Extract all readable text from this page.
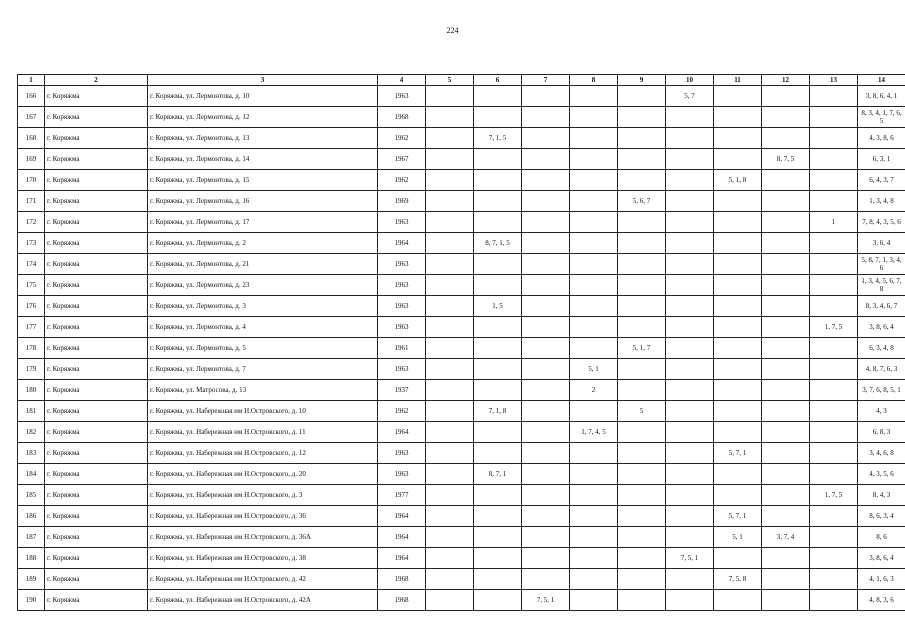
224
1	2	3	4	5	6	7	8	9	10	11	12	13	14
166	г. Коряжма	г. Коряжма, ул. Лермонтова, д. 10	1963						5, 7				3, 8, 6, 4, 1
167	г. Коряжма	г. Коряжма, ул. Лермонтова, д. 12	1968										8, 3, 4, 1, 7, 6, 5
168	г. Коряжма	г. Коряжма, ул. Лермонтова, д. 13	1962		7, 1, 5								4, 3, 8, 6
169	г. Коряжма	г. Коряжма, ул. Лермонтова, д. 14	1967								8, 7, 5		6, 3, 1
170	г. Коряжма	г. Коряжма, ул. Лермонтова, д. 15	1962							5, 1, 8			6, 4, 3, 7
171	г. Коряжма	г. Коряжма, ул. Лермонтова, д. 16	1969					5, 6, 7					1, 3, 4, 8
172	г. Коряжма	г. Коряжма, ул. Лермонтова, д. 17	1963									1	7, 8, 4, 3, 5, 6
173	г. Коряжма	г. Коряжма, ул. Лермонтова, д. 2	1964		8, 7, 1, 5								3, 6, 4
174	г. Коряжма	г. Коряжма, ул. Лермонтова, д. 21	1963										5, 8, 7, 1, 3, 4, 6
175	г. Коряжма	г. Коряжма, ул. Лермонтова, д. 23	1963										1, 3, 4, 5, 6, 7, 8
176	г. Коряжма	г. Коряжма, ул. Лермонтова, д. 3	1963		1, 5								8, 3, 4, 6, 7
177	г. Коряжма	г. Коряжма, ул. Лермонтова, д. 4	1963									1, 7, 5	3, 8, 6, 4
178	г. Коряжма	г. Коряжма, ул. Лермонтова, д. 5	1961					5, 1, 7					6, 3, 4, 8
179	г. Коряжма	г. Коряжма, ул. Лермонтова, д. 7	1963				5, 1						4, 8, 7, 6, 3
180	г. Коряжма	г. Коряжма, ул. Матросова, д. 13	1937				2						3, 7, 6, 8, 5, 1
181	г. Коряжма	г. Коряжма, ул. Набережная им Н.Островского, д. 10	1962		7, 1, 8			5					4, 3
182	г. Коряжма	г. Коряжма, ул. Набережная им Н.Островского, д. 11	1964				1, 7, 4, 5						6, 8, 3
183	г. Коряжма	г. Коряжма, ул. Набережная им Н.Островского, д. 12	1963							5, 7, 1			3, 4, 6, 8
184	г. Коряжма	г. Коряжма, ул. Набережная им Н.Островского, д. 20	1963		8, 7, 1								4, 3, 5, 6
185	г. Коряжма	г. Коряжма, ул. Набережная им Н.Островского, д. 3	1977									1, 7, 5	8, 4, 3
186	г. Коряжма	г. Коряжма, ул. Набережная им Н.Островского, д. 36	1964							5, 7, 1			8, 6, 3, 4
187	г. Коряжма	г. Коряжма, ул. Набережная им Н.Островского, д. 36А	1964							5, 1	3, 7, 4		8, 6
188	г. Коряжма	г. Коряжма, ул. Набережная им Н.Островского, д. 38	1964						7, 5, 1				3, 8, 6, 4
189	г. Коряжма	г. Коряжма, ул. Набережная им Н.Островского, д. 42	1968							7, 5, 8			4, 1, 6, 3
190	г. Коряжма	г. Коряжма, ул. Набережная им Н.Островского, д. 42А	1968			7, 5, 1							4, 8, 3, 6
